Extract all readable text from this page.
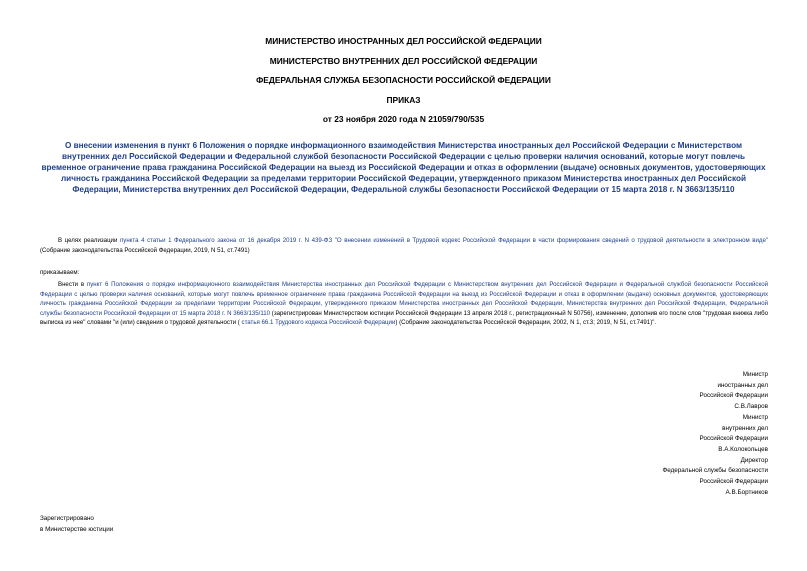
МИНИСТЕРСТВО ИНОСТРАННЫХ ДЕЛ РОССИЙСКОЙ ФЕДЕРАЦИИ
МИНИСТЕРСТВО ВНУТРЕННИХ ДЕЛ РОССИЙСКОЙ ФЕДЕРАЦИИ
ФЕДЕРАЛЬНАЯ СЛУЖБА БЕЗОПАСНОСТИ РОССИЙСКОЙ ФЕДЕРАЦИИ
ПРИКАЗ
от 23 ноября 2020 года N 21059/790/535
О внесении изменения в пункт 6 Положения о порядке информационного взаимодействия Министерства иностранных дел Российской Федерации с Министерством внутренних дел Российской Федерации и Федеральной службой безопасности Российской Федерации с целью проверки наличия оснований, которые могут повлечь временное ограничение права гражданина Российской Федерации на выезд из Российской Федерации и отказ в оформлении (выдаче) основных документов, удостоверяющих личность гражданина Российской Федерации за пределами территории Российской Федерации, утвержденного приказом Министерства иностранных дел Российской Федерации, Министерства внутренних дел Российской Федерации, Федеральной службы безопасности Российской Федерации от 15 марта 2018 г. N 3663/135/110
В целях реализации пункта 4 статьи 1 Федерального закона от 16 декабря 2019 г. N 439-ФЗ "О внесении изменений в Трудовой кодекс Российской Федерации в части формирования сведений о трудовой деятельности в электронном виде" (Собрание законодательства Российской Федерации, 2019, N 51, ст.7491)
приказываем:
Внести в пункт 6 Положения о порядке информационного взаимодействия Министерства иностранных дел Российской Федерации с Министерством внутренних дел Российской Федерации и Федеральной службой безопасности Российской Федерации с целью проверки наличия оснований, которые могут повлечь временное ограничение права гражданина Российской Федерации на выезд из Российской Федерации и отказ в оформлении (выдаче) основных документов, удостоверяющих личность гражданина Российской Федерации за пределами территории Российской Федерации, утвержденного приказом Министерства иностранных дел Российской Федерации, Министерства внутренних дел Российской Федерации, Федеральной службы безопасности Российской Федерации от 15 марта 2018 г. N 3663/135/110 (зарегистрирован Министерством юстиции Российской Федерации 13 апреля 2018 г., регистрационный N 50756), изменение, дополнив его после слов "трудовая книжка либо выписка из нее" словами "и (или) сведения о трудовой деятельности ( статья 66.1 Трудового кодекса Российской Федерации) (Собрание законодательства Российской Федерации, 2002, N 1, ст.3; 2019, N 51, ст.7491)".
Министр
иностранных дел
Российской Федерации
С.В.Лавров
Министр
внутренних дел
Российской Федерации
В.А.Колокольцев
Директор
Федеральной службы безопасности
Российской Федерации
А.В.Бортников
Зарегистрировано
в Министерстве юстиции
